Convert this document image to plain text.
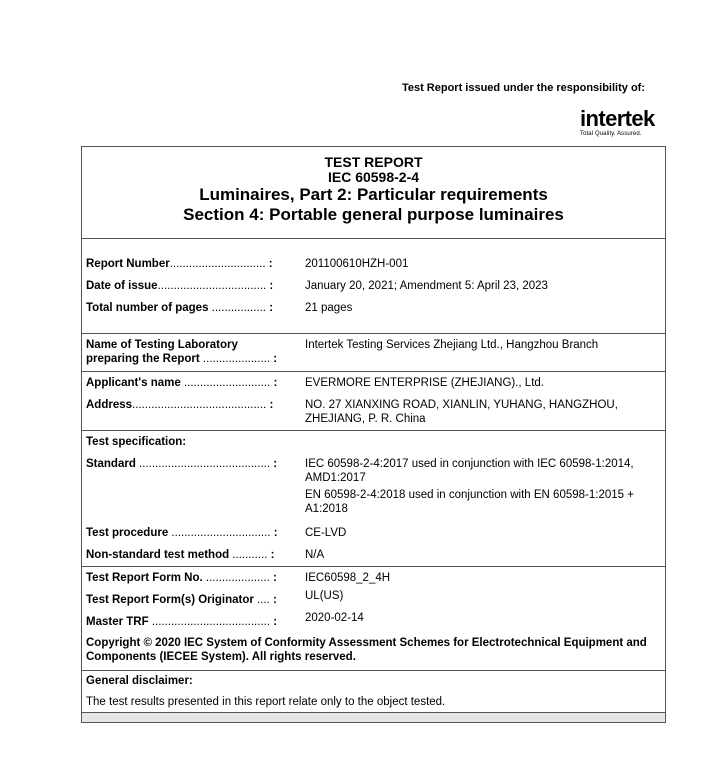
Test Report issued under the responsibility of:
intertek
Total Quality. Assured.
TEST REPORT
IEC 60598-2-4
Luminaires, Part 2: Particular requirements
Section 4: Portable general purpose luminaires
Report Number.............................. :	201100610HZH-001
Date of issue.................................. :	January 20, 2021; Amendment 5: April 23, 2023
Total number of pages ................. :	21 pages
Name of Testing Laboratory
preparing the Report ..................... :
Intertek Testing Services Zhejiang Ltd., Hangzhou Branch
Applicant's name ........................... :	EVERMORE ENTERPRISE (ZHEJIANG)., Ltd.
Address.......................................... :	NO. 27 XIANXING ROAD, XIANLIN, YUHANG, HANGZHOU, ZHEJIANG, P. R. China
Test specification:
Standard ......................................... :	IEC 60598-2-4:2017 used in conjunction with IEC 60598-1:2014, AMD1:2017
EN 60598-2-4:2018 used in conjunction with EN 60598-1:2015 + A1:2018
Test procedure ............................... :	CE-LVD
Non-standard test method ........... :	N/A
Test Report Form No. .................... :	IEC60598_2_4H
Test Report Form(s) Originator .... :	UL(US)
Master TRF ..................................... :	2020-02-14
Copyright © 2020 IEC System of Conformity Assessment Schemes for Electrotechnical Equipment and Components (IECEE System). All rights reserved.
General disclaimer:
The test results presented in this report relate only to the object tested.
